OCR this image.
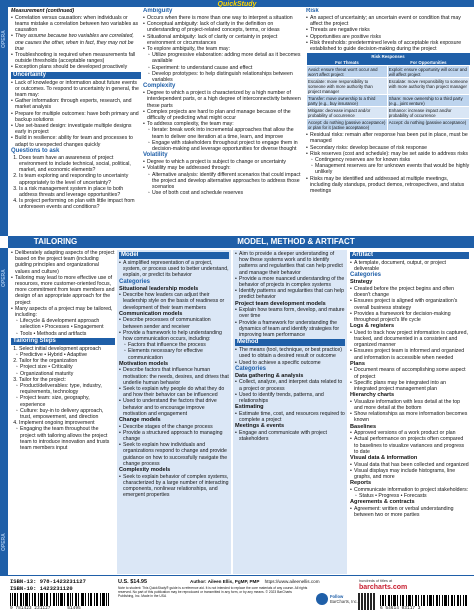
QuickStudy
OPERA
OPERA
OPERA

Measurement (continued)

• Correlation versus causation: when individuals or teams mistake a correlation between two variables as causation
• They assume because two variables are correlated, one causes the other, when in fact, they may not be true
• Troubleshooting is required when measurements fall outside thresholds (acceptable ranges)
• Exception plans should be developed proactively
Uncertainty
• Lack of knowledge or information about future events or outcomes. To respond to uncertainty in general, the team may:
• Gather information: through experts, research, and market analysis
• Prepare for multiple outcomes: have both primary and backup solutions
• Use set-based design: investigate multiple designs early in project
• Build in resilience: ability for team and processes to adapt to unexpected changes quickly
Questions to ask
1. Does team have an awareness of project environment to include technical, social, political, market, and economic elements?
2. Is team exploring and responding to uncertainty appropriately to the level of uncertainty?
3. Is a risk management system in place to both address threats and leverage opportunities?
4. Is project performing on plan with little impact from unforeseen events and conditions?
Ambiguity
• Occurs when there is more than one way to interpret a situation
• Conceptual ambiguity: lack of clarity in the definition on understanding of project-related concepts, terms, or ideas
• Situational ambiguity: lack of clarity or certainty in project environment or circumstances
• To explore ambiguity, the team may:
◦ Utilize progressive elaboration: adding more detail as it becomes available
◦ Experiment: to understand cause and effect
◦ Develop prototypes: to help distinguish relationships between variables
Complexity
• Degree to which a project is characterized by a high number of interdependent parts, or a high degree of interconnectivity between these parts
• Complex projects are hard to plan and manage because of the difficulty of predicting what might occur
• To address complexity, the team may:
◦ Iterate: break work into incremental approaches that allow the team to deliver one iteration at a time, learn, and improve
◦ Engage with stakeholders throughout project to engage them in decision-making and leverage opportunities for diverse thought
Volatility
• Degree to which a project is subject to change or uncertainty
• Volatility may be addressed through:
◦ Alternative analysis: identify different scenarios that could impact the project and develop alternative approaches to address those scenarios
◦ Use of both cost and schedule reserves
Risk
• An aspect of uncertainty; an uncertain event or condition that may affect the project
• Threats are negative risks
• Opportunities are positive risks
• Risk thresholds: predetermined levels of acceptable risk exposure established to guide decision-making during the project
Risk Responses	
For Threats	For Opportunities
Avoid: ensure threat won't occur and won't affect project	Exploit: ensure opportunity will occur and will affect project
Escalate: move responsibility to someone with more authority than project manager	Escalate: move responsibility to someone with more authority than project manager
Transfer: move ownership to a third party (e.g., buy insurance)	Share: move ownership to a third party (e.g., joint venture)
Mitigate: decrease impact and/or probability of occurrence	Enhance: increase impact and/or probability of occurrence
Accept: do nothing (passive acceptance) or plan for it (active acceptance)	Accept: do nothing (passive acceptance)
• Residual risks: remain after response has been put in place, must be managed
• Secondary risks: develop because of risk response
• Risk reserves (cost and schedule): may be set aside to address risks
◦ Contingency reserves are for known risks
◦ Management reserves are for unknown events that would be highly unlikely
• Risks may be identified and addressed at multiple meetings, including daily standups, product demos, retrospectives, and status meetings
TAILORING	MODEL, METHOD & ARTIFACT
• Deliberately adapting aspects of the project based on the project team (including guiding principles and organizational values and culture)
• Tailoring may lead to more effective use of resources, more customer-oriented focus, more commitment from team members and design of an appropriate approach for the project
• Many aspects of a project may be tailored, including:
◦ Lifecycle & development approach selection • Processes • Engagement
◦ Tools • Methods and artifacts
Tailoring Steps
1. Select initial development approach
◦ Predictive • Hybrid • Adaptive
2. Tailor for the organization
◦ Project size • Criticality
◦ Organizational maturity
3. Tailor for the project:
◦ Product/deliverables: type, industry, requirements, technology
◦ Project team: size, geography, experience
◦ Culture: buy-in to delivery approach, trust, empowerment, and direction
4. Implement ongoing improvement
◦ Engaging the team throughout the project with tailoring allows the project team to introduce innovation and trusts team members input
Model
• A simplified representation of a project, system, or process used to better understand, explain, or predict its behavior
Categories
Situational leadership models
• Describe how leaders can adjust their leadership style on the basis of readiness or development of their team members
Communication models
• Describe processes of communication between sender and receiver
• Provide a framework to help understanding how communication occurs, including:
◦ Factors that influence the process
◦ Elements necessary for effective communication
Motivation models
• Describe factors that influence human motivation: the needs, desires, and drives that underlie human behavior
• Seek to explain why people do what they do and how their behavior can be influenced
• Used to understand the factors that drive behavior and to encourage improve motivation and engagement
Change models
• Describe stages of the change process
• Provide a structured approach to managing change
• Seek to explain how individuals and organizations respond to change and provide guidance on how to successfully navigate the change process
Complexity models
• Seek to explain behavior of complex systems, characterized by a large number of interacting components, nonlinear relationships, and emergent properties
• Aim to provide a deeper understanding of how these systems work and to identify patterns and regularities that can help predict and manage their behavior
• Provide a more nuanced understanding of the behavior of projects in complex systems
• Identify patterns and regularities that can help predict behavior
Project team development models
• Explain how teams form, develop, and mature over time
• Provide a framework for understanding the dynamics of team and identify strategies for improving team performance
Method
• The means (tool, technique, or best practice) used to obtain a desired result or outcome
• Used to achieve a specific outcome
Categories
Data gathering & analysis
• Collect, analyze, and interpret data related to a project or process
• Used to identify trends, patterns, and relationships
Estimating
• Estimate time, cost, and resources required to complete a project
Meetings & events
• Engage and communicate with project stakeholders
Artifact
• A template, document, output, or project deliverable
Categories
Strategy
• Created before the project begins and often doesn't change
• Ensures project is aligned with organization's overall business strategy
• Provides a framework for decision-making throughout project's life cycle
Logs & registers
• Used to track how project information is captured, tracked, and documented in a consistent and organized manner
• Ensures project team is informed and organized and information is accessible when needed
Plans
• Document means of accomplishing some aspect of project
• Specific plans may be integrated into an integrated project management plan
Hierarchy charts
• Visualize information with less detail at the top and more detail at the bottom
• Show relationships as more information becomes known
Baselines
• Approved versions of a work product or plan
• Actual performance on projects often compared to baselines to visualize variances and progress to date
Visual data & information
• Visual data that has been collected and organized
• Visual displays may include histograms, line graphs, and more
Reports
• Communicate information to project stakeholders:
◦ Status • Progress • Forecasts
Agreements & contracts
• Agreement: written or verbal understanding between two or more parties
ISBN-13: 978-1423231127
ISBN-10: 1423231120
9 781423 231127	51495
U.S. $14.95	Author: Aileen Ellis, PgMP, PMP https://www.aileenellis.com
Note to student: This QuickStudy® guide is a reference aid. It is not intended to replace the core materials of any course. All rights reserved. No part of this publication may be reproduced or transmitted in any form, or by any means. © 2023 BarCharts Publishing, Inc. Made in the USA	Follow
BarCharts, Inc.
hundreds of titles at
barcharts.com
6 54614 03117 3
